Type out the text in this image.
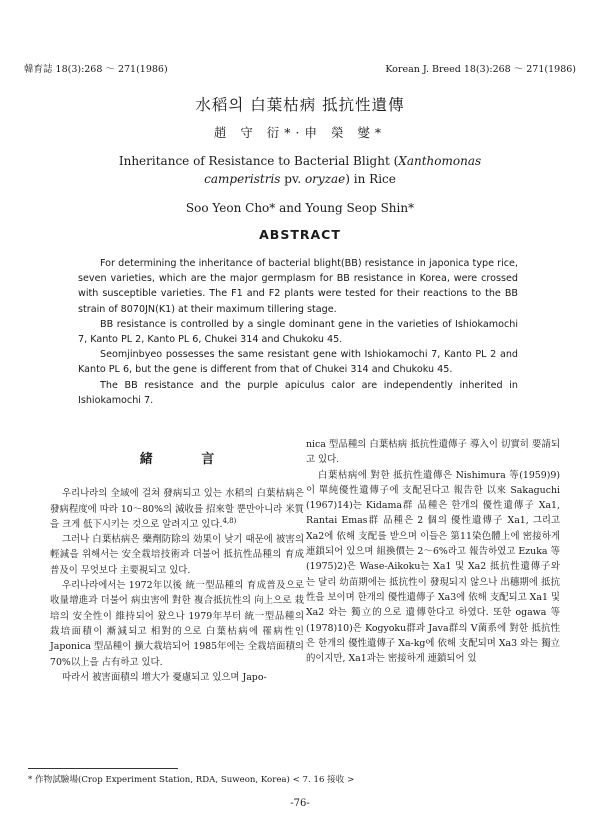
韓育誌 18(3):268 ～ 271(1986)	Korean J. Breed 18(3):268 ～ 271(1986)
水稻의 白葉枯病 抵抗性遺傳
趙 守 衍*·申 榮 燮*
Inheritance of Resistance to Bacterial Blight (Xanthomonas
camperistris pv. oryzae) in Rice
Soo Yeon Cho* and Young Seop Shin*
ABSTRACT

For determining the inheritance of bacterial blight(BB) resistance in japonica type rice, seven varieties, which are the major germplasm for BB resistance in Korea, were crossed with susceptible varieties. The F1 and F2 plants were tested for their reactions to the BB strain of 8070JN(K1) at their maximum tillering stage.

BB resistance is controlled by a single dominant gene in the varieties of Ishiokamochi 7, Kanto PL 2, Kanto PL 6, Chukei 314 and Chukoku 45.

Seomjinbyeo possesses the same resistant gene with Ishiokamochi 7, Kanto PL 2 and Kanto PL 6, but the gene is different from that of Chukei 314 and Chukoku 45.

The BB resistance and the purple apiculus calor are independently inherited in Ishiokamochi 7.

緒 言

우리나라의 全域에 걸쳐 發病되고 있는 水稻의 白葉枯病은 發病程度에 따라 10～80%의 減收를 招來할 뿐만아니라 米質을 크게 低下시키는 것으로 알려지고 있다.$^{4,8)}$

그러나 白葉枯病은 藥劑防除의 効果이 낮기 때문에 被害의 輕減을 위해서는 安全栽培技術과 더불어 抵抗性品種의 育成普及이 무엇보다 主要視되고 있다.

우리나라에서는 1972年以後 統一型品種의 育成普及으로 收量增進과 더불어 病虫害에 對한 複合抵抗性의 向上으로 栽培의 安全性이 維持되어 왔으나 1979年부터 統一型品種의 栽培面積이 漸減되고 相對的으로 白葉枯病에 罹病性인 Japonica 型品種이 擴大栽培되어 1985年에는 全栽培面積의 70%以上을 占有하고 있다.

따라서 被害面積의 增大가 憂慮되고 있으며 Japo-

nica 型品種의 白葉枯病 抵抗性遺傳子 導入이 切實히 要請되고 있다.

白葉枯病에 對한 抵抗性遺傳은 Nishimura 等(1959)9) 이 單純優性遺傳子에 支配된다고 報告한 以來 Sakaguchi (1967)14)는 Kidama群 品種은 한개의 優性遺傳子 Xa1, Rantai Emas群 品種은 2 個의 優性遺傳子 Xa1, 그리고 Xa2에 依해 支配를 받으며 이들은 第11染色體上에 密接하게 連鎖되어 있으며 組換價는 2～6%라고 報告하였고 Ezuka 等(1975)2)은 Wase-Aikoku는 Xa1 및 Xa2 抵抗性遺傳子와는 달리 幼苗期에는 抵抗性이 發現되지 않으나 出穗期에 抵抗性을 보이며 한개의 優性遺傳子 Xa3에 依해 支配되고 Xa1 및 Xa2 와는 獨立的으로 遺傳한다고 하였다. 또한 ogawa 等(1978)10)은 Kogyoku群과 Java群의 V菌系에 對한 抵抗性은 한개의 優性遺傳子 Xa-kg에 依해 支配되며 Xa3 와는 獨立的이지만, Xa1과는 密接하게 連鎖되어 있

* 作物試驗場(Crop Experiment Station, RDA, Suweon, Korea) < 7. 16 接收 >
-76-
